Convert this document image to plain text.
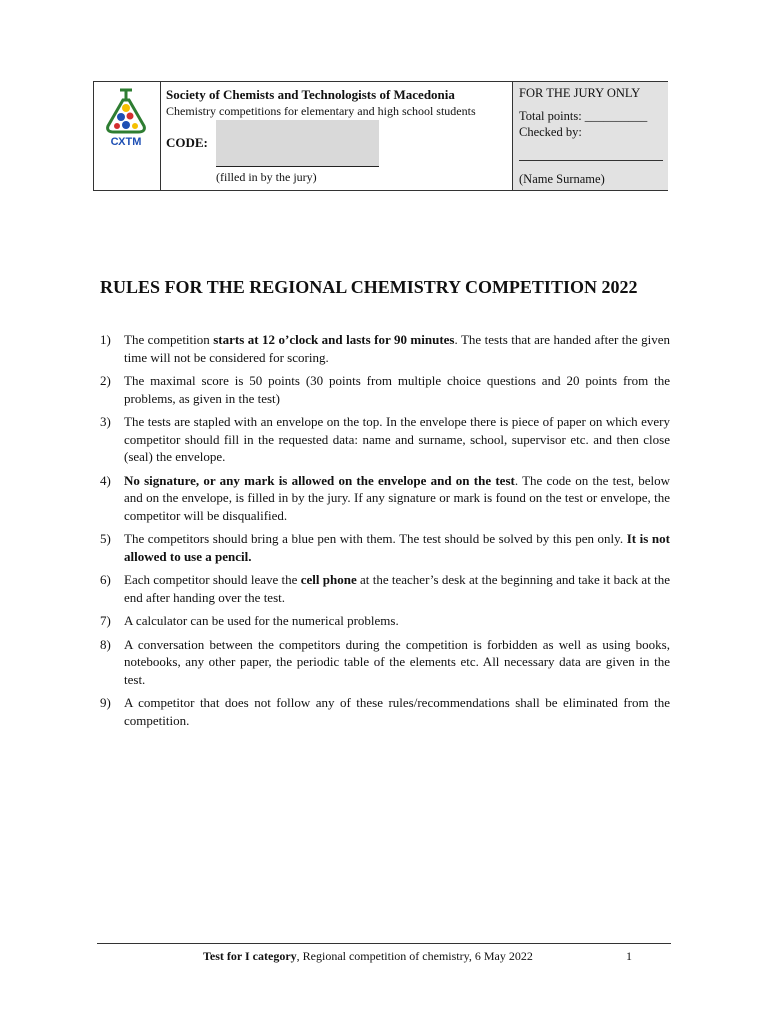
СХТМ
Society of Chemists and Technologists of Macedonia
Chemistry competitions for elementary and high school students
CODE:
(filled in by the jury)
FOR THE JURY ONLY
Total points: __________
Checked by:
(Name Surname)
RULES FOR THE REGIONAL CHEMISTRY COMPETITION 2022
1) The competition starts at 12 o’clock and lasts for 90 minutes. The tests that are handed after the given time will not be considered for scoring.
2) The maximal score is 50 points (30 points from multiple choice questions and 20 points from the problems, as given in the test)
3) The tests are stapled with an envelope on the top. In the envelope there is piece of paper on which every competitor should fill in the requested data: name and surname, school, supervisor etc. and then close (seal) the envelope.
4) No signature, or any mark is allowed on the envelope and on the test. The code on the test, below and on the envelope, is filled in by the jury. If any signature or mark is found on the test or envelope, the competitor will be disqualified.
5) The competitors should bring a blue pen with them. The test should be solved by this pen only. It is not allowed to use a pencil.
6) Each competitor should leave the cell phone at the teacher’s desk at the beginning and take it back at the end after handing over the test.
7) A calculator can be used for the numerical problems.
8) A conversation between the competitors during the competition is forbidden as well as using books, notebooks, any other paper, the periodic table of the elements etc. All necessary data are given in the test.
9) A competitor that does not follow any of these rules/recommendations shall be eliminated from the competition.
Test for I category, Regional competition of chemistry, 6 May 2022	1
